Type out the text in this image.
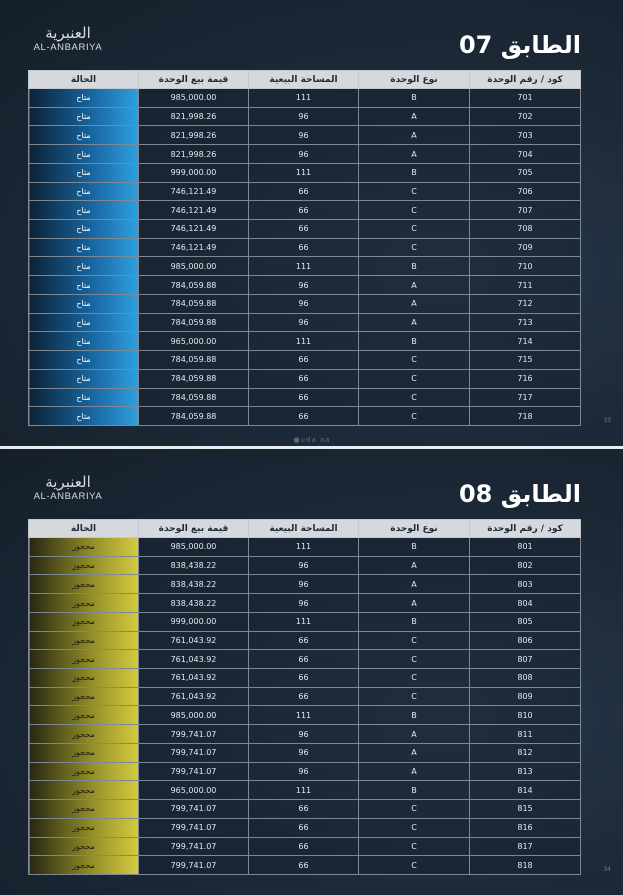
العنبرية
AL-ANBARIYA	الطابق 07
الحالة	قيمة بيع الوحدة	المساحة البيعية	نوع الوحدة	كود / رقم الوحدة
متاح	985,000.00	111	B	701
متاح	821,998.26	96	A	702
متاح	821,998.26	96	A	703
متاح	821,998.26	96	A	704
متاح	999,000.00	111	B	705
متاح	746,121.49	66	C	706
متاح	746,121.49	66	C	707
متاح	746,121.49	66	C	708
متاح	746,121.49	66	C	709
متاح	985,000.00	111	B	710
متاح	784,059.88	96	A	711
متاح	784,059.88	96	A	712
متاح	784,059.88	96	A	713
متاح	965,000.00	111	B	714
متاح	784,059.88	66	C	715
متاح	784,059.88	66	C	716
متاح	784,059.88	66	C	717
متاح	784,059.88	66	C	718	33
●uda aa
العنبرية
AL-ANBARIYA	الطابق 08
الحالة	قيمة بيع الوحدة	المساحة البيعية	نوع الوحدة	كود / رقم الوحدة
محجوز	985,000.00	111	B	801
محجوز	838,438.22	96	A	802
محجوز	838,438.22	96	A	803
محجوز	838,438.22	96	A	804
محجوز	999,000.00	111	B	805
محجوز	761,043.92	66	C	806
محجوز	761,043.92	66	C	807
محجوز	761,043.92	66	C	808
محجوز	761,043.92	66	C	809
محجوز	985,000.00	111	B	810
محجوز	799,741.07	96	A	811
محجوز	799,741.07	96	A	812
محجوز	799,741.07	96	A	813
محجوز	965,000.00	111	B	814
محجوز	799,741.07	66	C	815
محجوز	799,741.07	66	C	816
محجوز	799,741.07	66	C	817
محجوز	799,741.07	66	C	818	34
